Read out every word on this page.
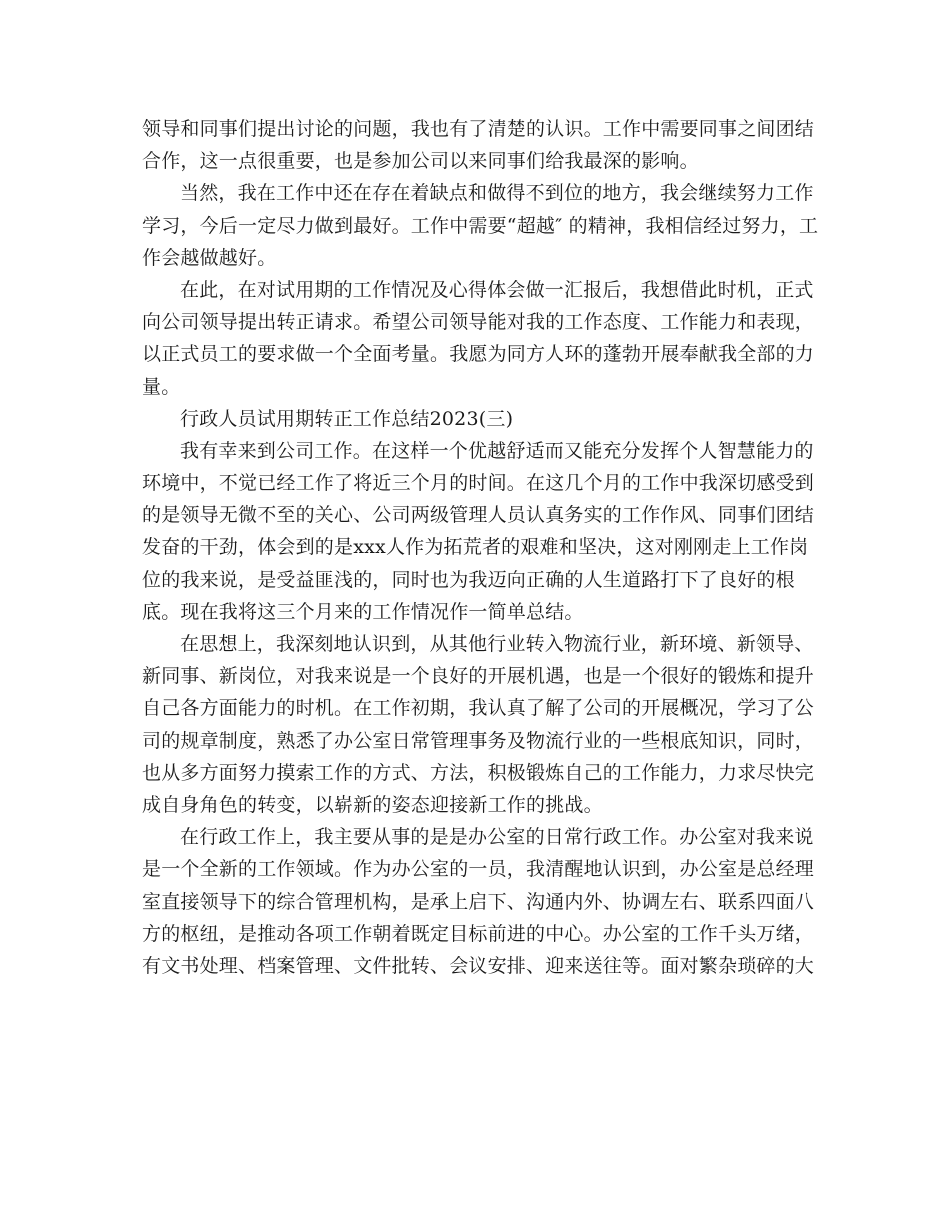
领导和同事们提出讨论的问题，我也有了清楚的认识。工作中需要同事之间团结
合作，这一点很重要，也是参加公司以来同事们给我最深的影响。
当然，我在工作中还在存在着缺点和做得不到位的地方，我会继续努力工作
学习，今后一定尽力做到最好。工作中需要“超越″ 的精神，我相信经过努力，工
作会越做越好。
在此，在对试用期的工作情况及心得体会做一汇报后，我想借此时机，正式
向公司领导提出转正请求。希望公司领导能对我的工作态度、工作能力和表现，
以正式员工的要求做一个全面考量。我愿为同方人环的蓬勃开展奉献我全部的力
量。
行政人员试用期转正工作总结2023(三)
我有幸来到公司工作。在这样一个优越舒适而又能充分发挥个人智慧能力的
环境中，不觉已经工作了将近三个月的时间。在这几个月的工作中我深切感受到
的是领导无微不至的关心、公司两级管理人员认真务实的工作作风、同事们团结
发奋的干劲，体会到的是xxx人作为拓荒者的艰难和坚决，这对刚刚走上工作岗
位的我来说，是受益匪浅的，同时也为我迈向正确的人生道路打下了良好的根
底。现在我将这三个月来的工作情况作一简单总结。
在思想上，我深刻地认识到，从其他行业转入物流行业，新环境、新领导、
新同事、新岗位，对我来说是一个良好的开展机遇，也是一个很好的锻炼和提升
自己各方面能力的时机。在工作初期，我认真了解了公司的开展概况，学习了公
司的规章制度，熟悉了办公室日常管理事务及物流行业的一些根底知识，同时，
也从多方面努力摸索工作的方式、方法，积极锻炼自己的工作能力，力求尽快完
成自身角色的转变，以崭新的姿态迎接新工作的挑战。
在行政工作上，我主要从事的是是办公室的日常行政工作。办公室对我来说
是一个全新的工作领域。作为办公室的一员，我清醒地认识到，办公室是总经理
室直接领导下的综合管理机构，是承上启下、沟通内外、协调左右、联系四面八
方的枢纽，是推动各项工作朝着既定目标前进的中心。办公室的工作千头万绪，
有文书处理、档案管理、文件批转、会议安排、迎来送往等。面对繁杂琐碎的大
